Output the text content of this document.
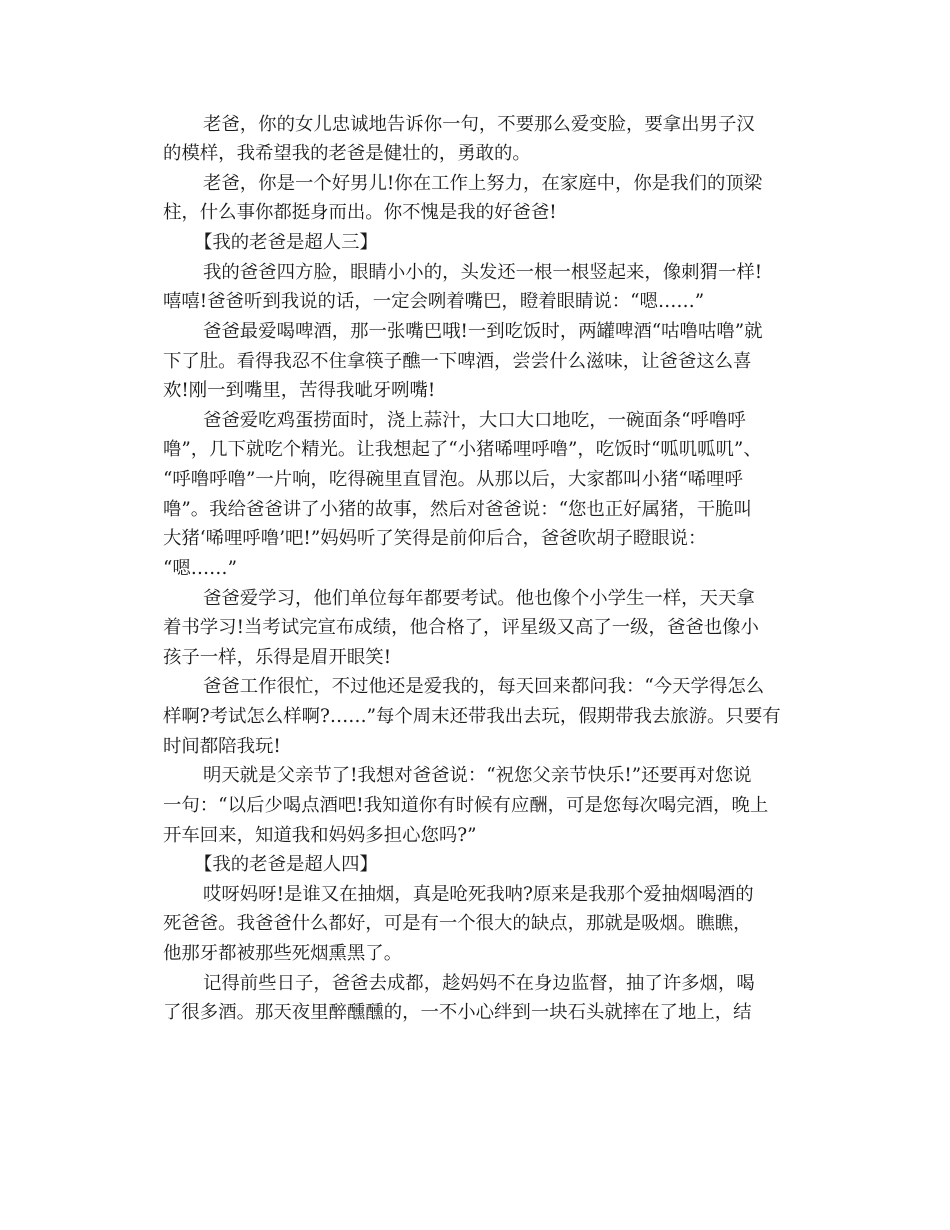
老爸，你的女儿忠诚地告诉你一句，不要那么爱变脸，要拿出男子汉
的模样，我希望我的老爸是健壮的，勇敢的。
老爸，你是一个好男儿!你在工作上努力，在家庭中，你是我们的顶梁
柱，什么事你都挺身而出。你不愧是我的好爸爸!
【我的老爸是超人三】
我的爸爸四方脸，眼睛小小的，头发还一根一根竖起来，像刺猬一样!
嘻嘻!爸爸听到我说的话，一定会咧着嘴巴，瞪着眼睛说：“嗯……”
爸爸最爱喝啤酒，那一张嘴巴哦!一到吃饭时，两罐啤酒“咕噜咕噜”就
下了肚。看得我忍不住拿筷子醮一下啤酒，尝尝什么滋味，让爸爸这么喜
欢!刚一到嘴里，苦得我呲牙咧嘴!
爸爸爱吃鸡蛋捞面时，浇上蒜汁，大口大口地吃，一碗面条“呼噜呼
噜”，几下就吃个精光。让我想起了“小猪唏哩呼噜”，吃饭时“呱叽呱叽”、
“呼噜呼噜”一片响，吃得碗里直冒泡。从那以后，大家都叫小猪“唏哩呼
噜”。我给爸爸讲了小猪的故事，然后对爸爸说：“您也正好属猪，干脆叫
大猪‘唏哩呼噜’吧!”妈妈听了笑得是前仰后合，爸爸吹胡子瞪眼说：
“嗯……”
爸爸爱学习，他们单位每年都要考试。他也像个小学生一样，天天拿
着书学习!当考试完宣布成绩，他合格了，评星级又高了一级，爸爸也像小
孩子一样，乐得是眉开眼笑!
爸爸工作很忙，不过他还是爱我的，每天回来都问我：“今天学得怎么
样啊?考试怎么样啊?……”每个周末还带我出去玩，假期带我去旅游。只要有
时间都陪我玩!
明天就是父亲节了!我想对爸爸说：“祝您父亲节快乐!”还要再对您说
一句：“以后少喝点酒吧!我知道你有时候有应酬，可是您每次喝完酒，晚上
开车回来，知道我和妈妈多担心您吗?”
【我的老爸是超人四】
哎呀妈呀!是谁又在抽烟，真是呛死我呐?原来是我那个爱抽烟喝酒的
死爸爸。我爸爸什么都好，可是有一个很大的缺点，那就是吸烟。瞧瞧，
他那牙都被那些死烟熏黑了。
记得前些日子，爸爸去成都，趁妈妈不在身边监督，抽了许多烟，喝
了很多酒。那天夜里醉醺醺的，一不小心绊到一块石头就摔在了地上，结
